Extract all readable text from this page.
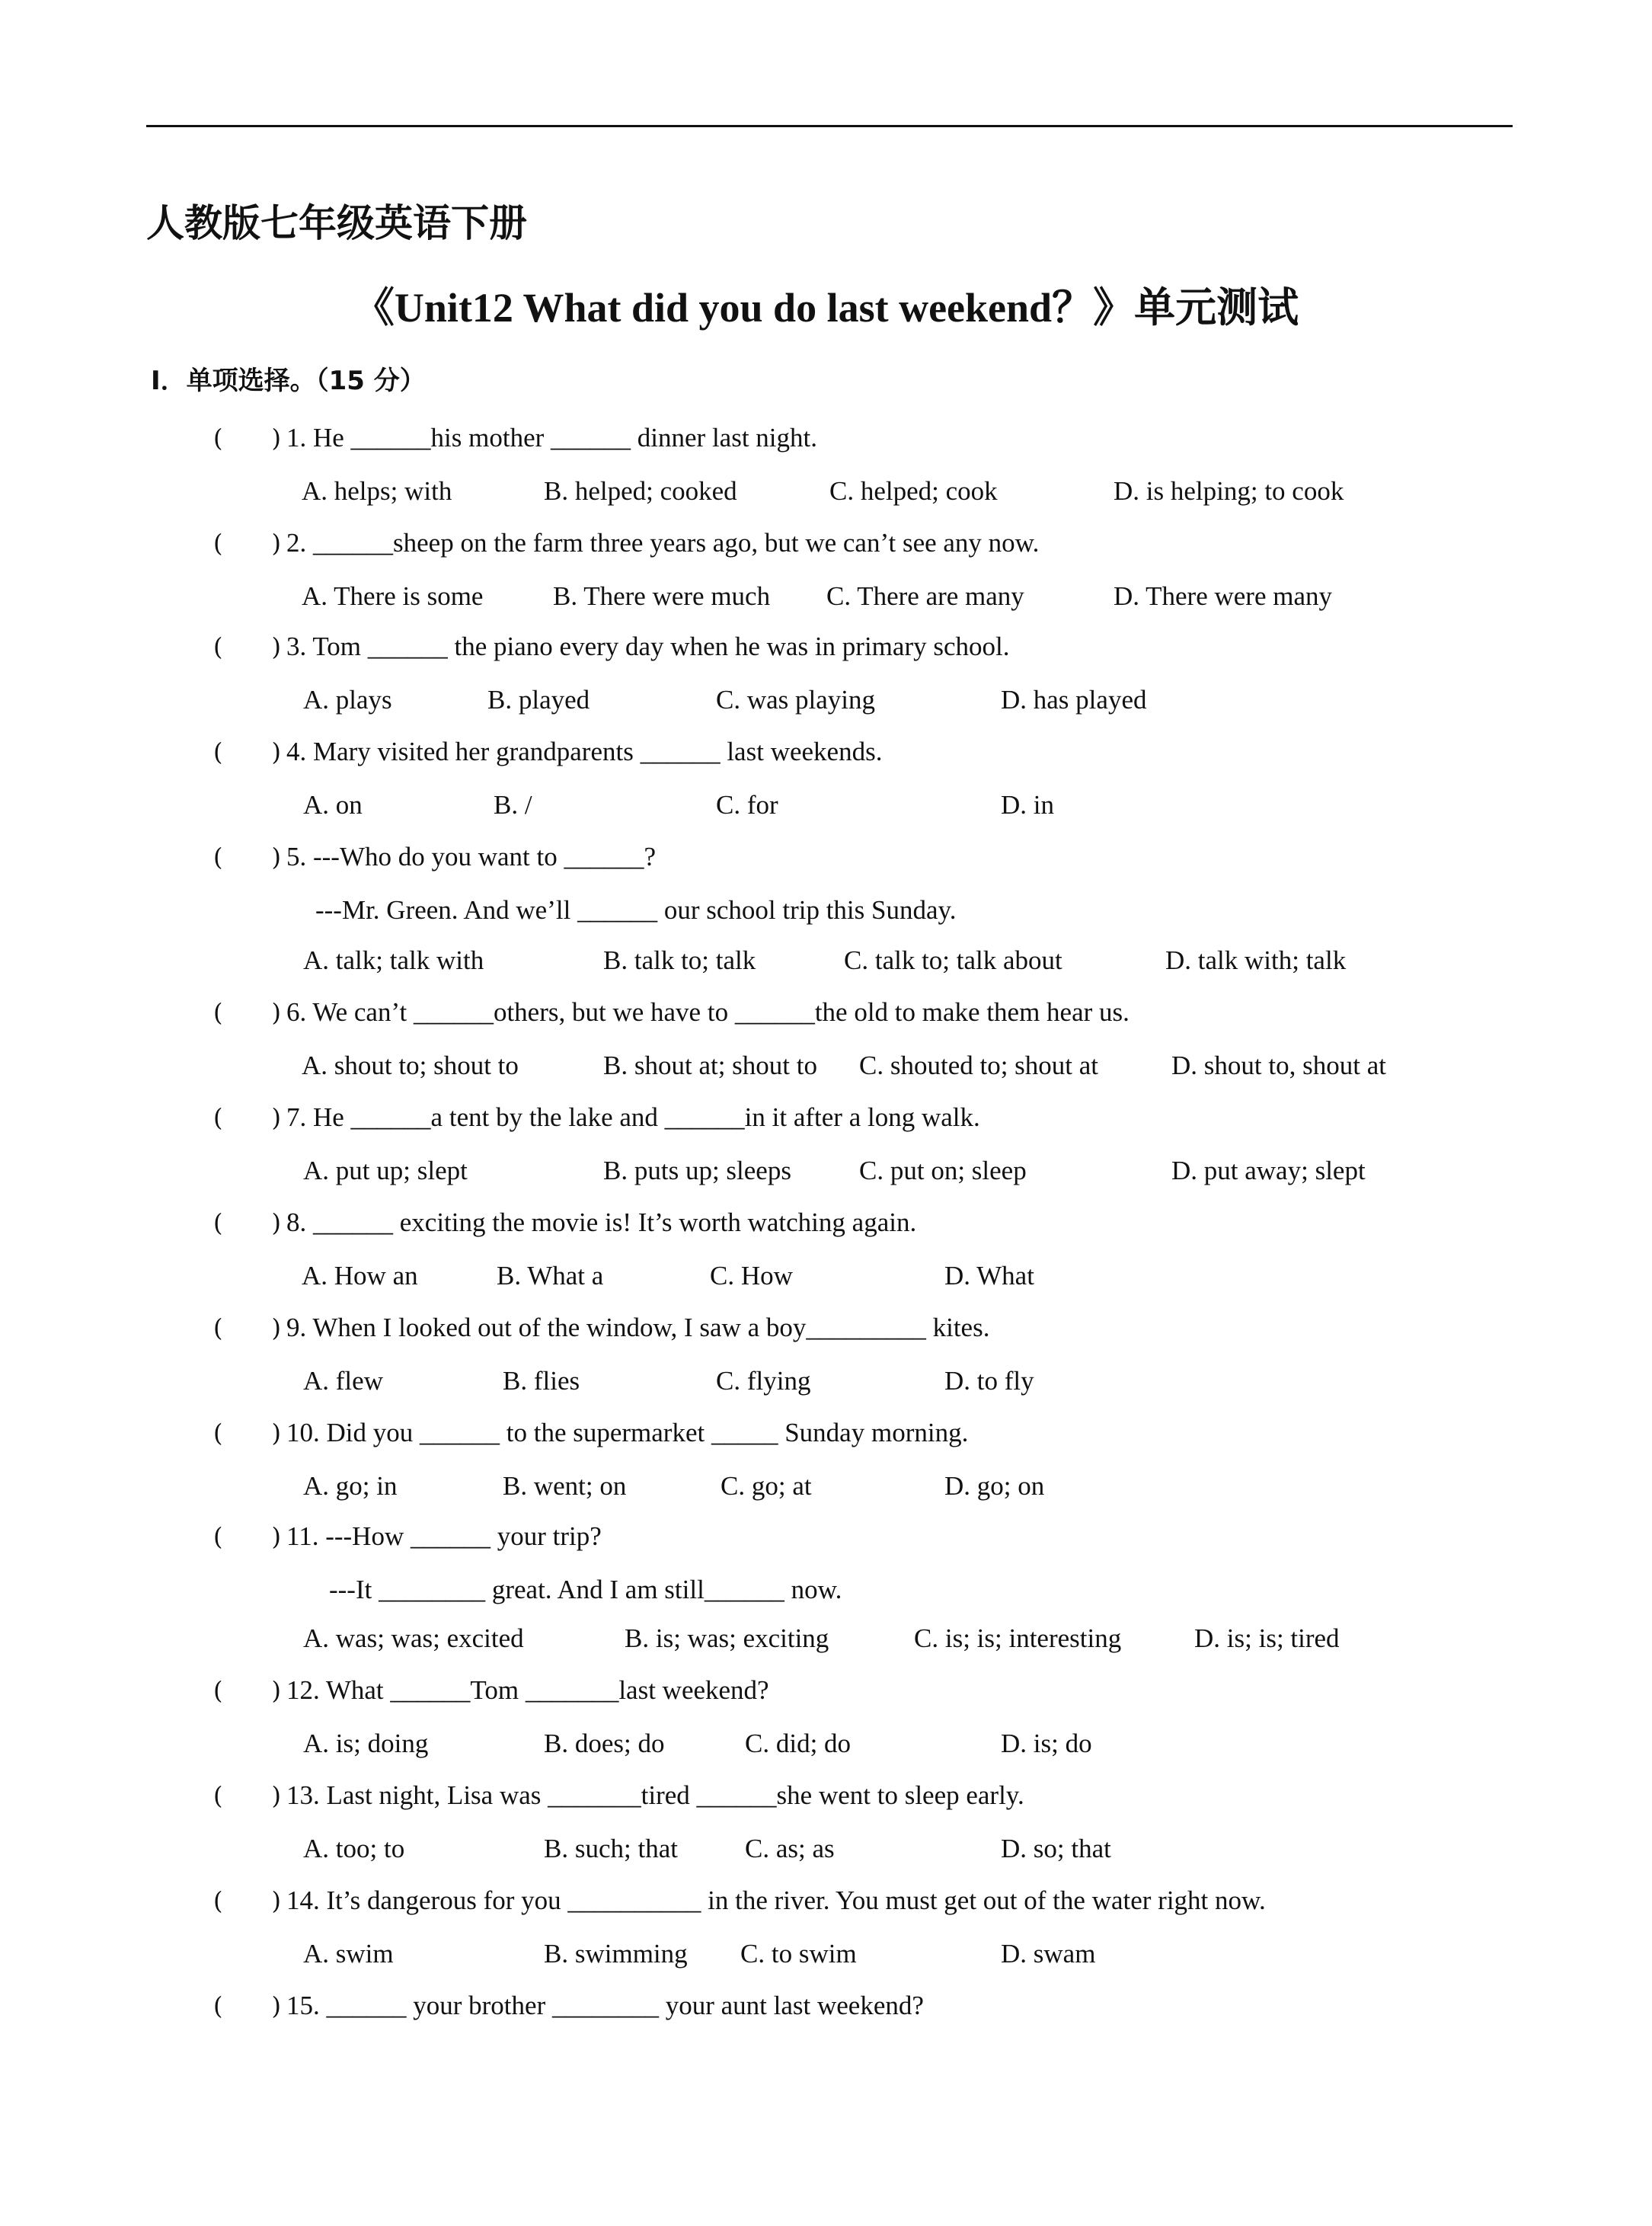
人教版七年级英语下册
《Unit12 What did you do last weekend？》单元测试
Ⅰ．单项选择。（15 分）
(　　) 1. He ______his mother ______ dinner last night.
A. helps; with	B. helped; cooked	C. helped; cook	D. is helping; to cook
(　　) 2. ______sheep on the farm three years ago, but we can’t see any now.
A. There is some	B. There were much C. There are many	D. There were many
(　　) 3. Tom ______ the piano every day when he was in primary school.
A. plays	B. played	C. was playing	D. has played
(　　) 4. Mary visited her grandparents ______ last weekends.
A. on	B. /	C. for	D. in
(　　) 5. ---Who do you want to ______?
---Mr. Green. And we’ll ______ our school trip this Sunday.
A. talk; talk with	B. talk to; talk	C. talk to; talk about	D. talk with; talk
(　　) 6. We can’t ______others, but we have to ______the old to make them hear us.
A. shout to; shout to	B. shout at; shout to C. shouted to; shout at	D. shout to, shout at
(　　) 7. He ______a tent by the lake and ______in it after a long walk.
A. put up; slept	B. puts up; sleeps	C. put on; sleep	D. put away; slept
(　　) 8. ______ exciting the movie is! It’s worth watching again.
A. How an	B. What a	C. How	D. What
(　　) 9. When I looked out of the window, I saw a boy_________ kites.
A. flew	B. flies	C. flying	D. to fly
(　　) 10. Did you ______ to the supermarket _____ Sunday morning.
A. go; in	B. went; on	C. go; at	D. go; on
(　　) 11. ---How ______ your trip?
---It ________ great. And I am still______ now.
A. was; was; excited	B. is; was; exciting	C. is; is; interesting	D. is; is; tired
(　　) 12. What ______Tom _______last weekend?
A. is; doing	B. does; do	C. did; do	D. is; do
(　　) 13. Last night, Lisa was _______tired ______she went to sleep early.
A. too; to	B. such; that	C. as; as	D. so; that
(　　) 14. It’s dangerous for you __________ in the river. You must get out of the water right now.
A. swim	B. swimming C. to swim	D. swam
(　　) 15. ______ your brother ________ your aunt last weekend?
